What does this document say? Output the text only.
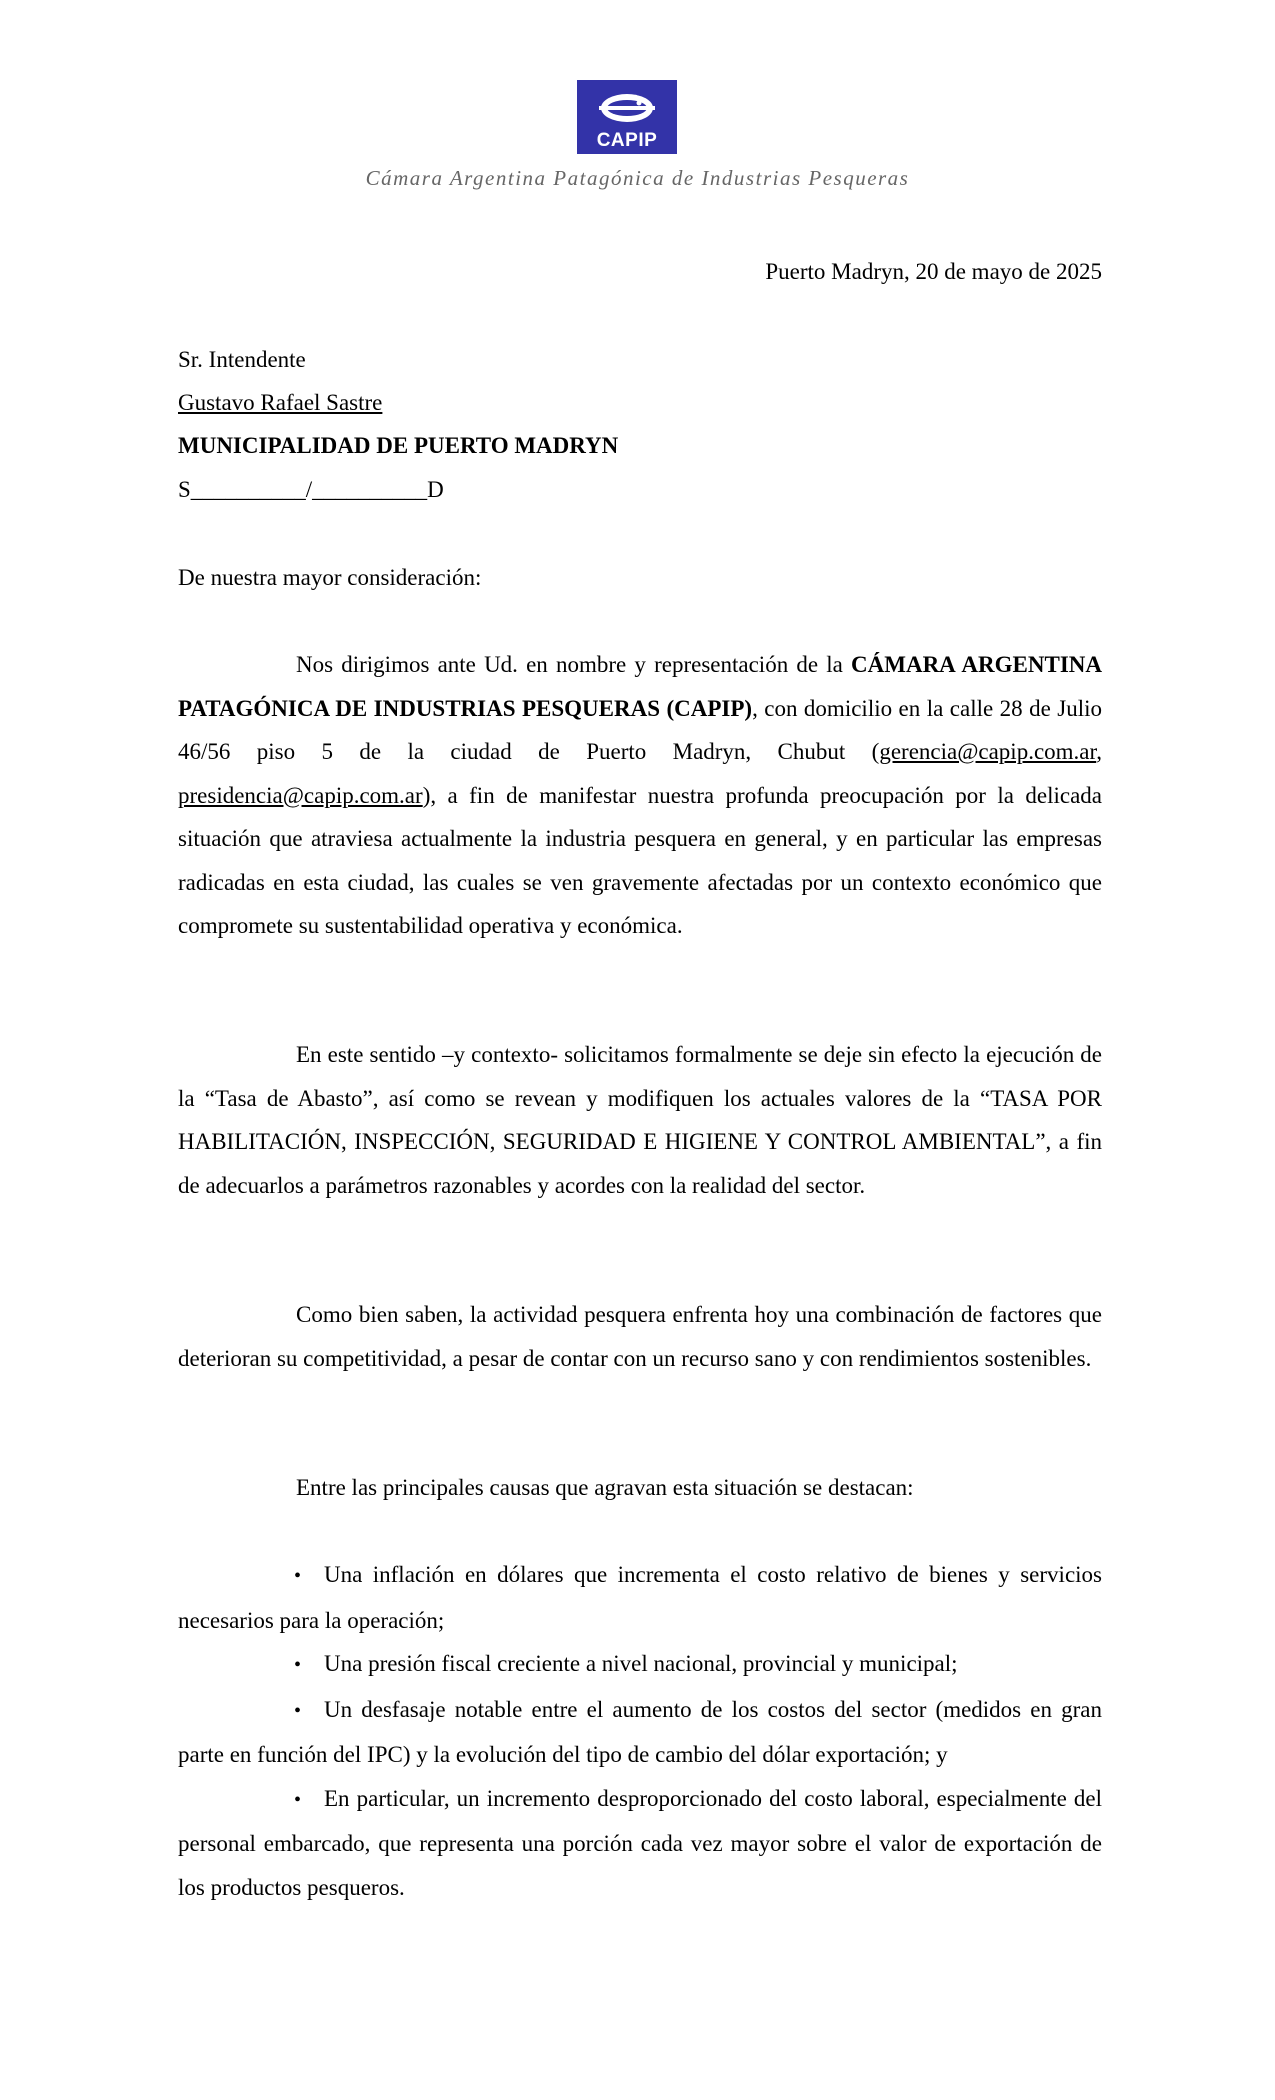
CAPIP
Cámara Argentina Patagónica de Industrias Pesqueras
Puerto Madryn, 20 de mayo de 2025
Sr. Intendente
Gustavo Rafael Sastre
MUNICIPALIDAD DE PUERTO MADRYN
S__________/__________D
De nuestra mayor consideración:
Nos dirigimos ante Ud. en nombre y representación de la CÁMARA ARGENTINA PATAGÓNICA DE INDUSTRIAS PESQUERAS (CAPIP), con domicilio en la calle 28 de Julio 46/56 piso 5 de la ciudad de Puerto Madryn, Chubut (gerencia@capip.com.ar, presidencia@capip.com.ar), a fin de manifestar nuestra profunda preocupación por la delicada situación que atraviesa actualmente la industria pesquera en general, y en particular las empresas radicadas en esta ciudad, las cuales se ven gravemente afectadas por un contexto económico que compromete su sustentabilidad operativa y económica.
En este sentido –y contexto- solicitamos formalmente se deje sin efecto la ejecución de la “Tasa de Abasto”, así como se revean y modifiquen los actuales valores de la “TASA POR HABILITACIÓN, INSPECCIÓN, SEGURIDAD E HIGIENE Y CONTROL AMBIENTAL”, a fin de adecuarlos a parámetros razonables y acordes con la realidad del sector.
Como bien saben, la actividad pesquera enfrenta hoy una combinación de factores que deterioran su competitividad, a pesar de contar con un recurso sano y con rendimientos sostenibles.
Entre las principales causas que agravan esta situación se destacan:
• Una inflación en dólares que incrementa el costo relativo de bienes y servicios necesarios para la operación;
• Una presión fiscal creciente a nivel nacional, provincial y municipal;
• Un desfasaje notable entre el aumento de los costos del sector (medidos en gran parte en función del IPC) y la evolución del tipo de cambio del dólar exportación; y
• En particular, un incremento desproporcionado del costo laboral, especialmente del personal embarcado, que representa una porción cada vez mayor sobre el valor de exportación de los productos pesqueros.
